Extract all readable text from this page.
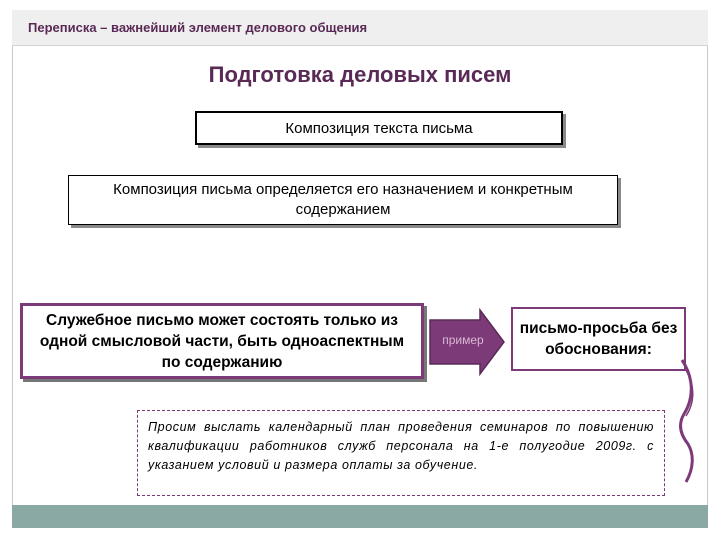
Переписка – важнейший элемент делового общения
Подготовка деловых писем
Композиция текста письма
Композиция письма определяется его назначением и конкретным содержанием
Служебное письмо может состоять только из одной смысловой части, быть одноаспектным по содержанию
пример
письмо-просьба без обоснования:
Просим выслать календарный план проведения семинаров по повышению квалификации работников служб персонала на 1-е полугодие 2009г. с указанием условий и размера оплаты за обучение.
